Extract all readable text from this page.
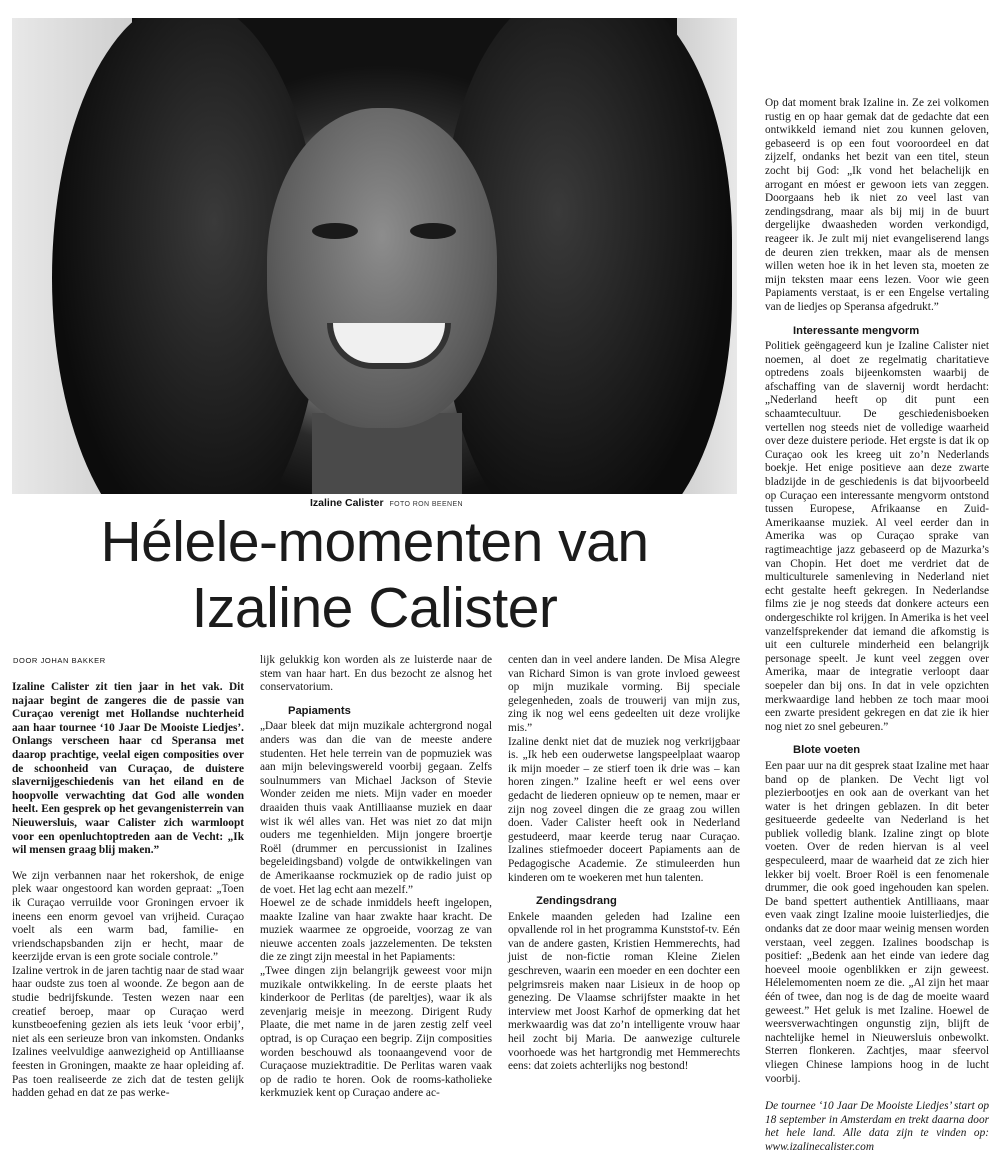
Izaline Calister FOTO RON BEENEN
Hélele-momenten van
Izaline Calister
DOOR JOHAN BAKKER

Izaline Calister zit tien jaar in het vak. Dit najaar begint de zangeres die de passie van Curaçao verenigt met Hollandse nuchterheid aan haar tournee ‘10 Jaar De Mooiste Liedjes’. Onlangs verscheen haar cd Speransa met daarop prachtige, veelal eigen composities over de schoonheid van Curaçao, de duistere slavernijgeschiedenis van het eiland en de hoopvolle verwachting dat God alle wonden heelt. Een gesprek op het gevangenisterrein van Nieuwersluis, waar Calister zich warmloopt voor een openluchtoptreden aan de Vecht: „Ik wil mensen graag blij maken.”

We zijn verbannen naar het rokershok, de enige plek waar ongestoord kan worden gepraat: „Toen ik Curaçao verruilde voor Groningen ervoer ik ineens een enorm gevoel van vrijheid. Curaçao voelt als een warm bad, familie- en vriendschapsbanden zijn er hecht, maar de keerzijde ervan is een grote sociale controle.”

Izaline vertrok in de jaren tachtig naar de stad waar haar oudste zus toen al woonde. Ze begon aan de studie bedrijfskunde. Testen wezen naar een creatief beroep, maar op Curaçao werd kunstbeoefening gezien als iets leuk ‘voor erbij’, niet als een serieuze bron van inkomsten. Ondanks Izalines veelvuldige aanwezigheid op Antilliaanse feesten in Groningen, maakte ze haar opleiding af. Pas toen realiseerde ze zich dat de testen gelijk hadden gehad en dat ze pas werke-

lijk gelukkig kon worden als ze luisterde naar de stem van haar hart. En dus bezocht ze alsnog het conservatorium.

Papiaments

„Daar bleek dat mijn muzikale achtergrond nogal anders was dan die van de meeste andere studenten. Het hele terrein van de popmuziek was aan mijn belevingswereld voorbij gegaan. Zelfs soulnummers van Michael Jackson of Stevie Wonder zeiden me niets. Mijn vader en moeder draaiden thuis vaak Antilliaanse muziek en daar wist ik wél alles van. Het was niet zo dat mijn ouders me tegenhielden. Mijn jongere broertje Roël (drummer en percussionist in Izalines begeleidingsband) volgde de ontwikkelingen van de Amerikaanse rockmuziek op de radio juist op de voet. Het lag echt aan mezelf.”

Hoewel ze de schade inmiddels heeft ingelopen, maakte Izaline van haar zwakte haar kracht. De muziek waarmee ze opgroeide, voorzag ze van nieuwe accenten zoals jazzelementen. De teksten die ze zingt zijn meestal in het Papiaments:

„Twee dingen zijn belangrijk geweest voor mijn muzikale ontwikkeling. In de eerste plaats het kinderkoor de Perlitas (de pareltjes), waar ik als zevenjarig meisje in meezong. Dirigent Rudy Plaate, die met name in de jaren zestig zelf veel optrad, is op Curaçao een begrip. Zijn composities worden beschouwd als toonaangevend voor de Curaçaose muziektraditie. De Perlitas waren vaak op de radio te horen. Ook de rooms-katholieke kerkmuziek kent op Curaçao andere ac-

centen dan in veel andere landen. De Misa Alegre van Richard Simon is van grote invloed geweest op mijn muzikale vorming. Bij speciale gelegenheden, zoals de trouwerij van mijn zus, zing ik nog wel eens gedeelten uit deze vrolijke mis.”

Izaline denkt niet dat de muziek nog verkrijgbaar is. „Ik heb een ouderwetse langspeelplaat waarop ik mijn moeder – ze stierf toen ik drie was – kan horen zingen.” Izaline heeft er wel eens over gedacht de liederen opnieuw op te nemen, maar er zijn nog zoveel dingen die ze graag zou willen doen. Vader Calister heeft ook in Nederland gestudeerd, maar keerde terug naar Curaçao. Izalines stiefmoeder doceert Papiaments aan de Pedagogische Academie. Ze stimuleerden hun kinderen om te woekeren met hun talenten.

Zendingsdrang

Enkele maanden geleden had Izaline een opvallende rol in het programma Kunststof-tv. Eén van de andere gasten, Kristien Hemmerechts, had juist de non-fictie roman Kleine Zielen geschreven, waarin een moeder en een dochter een pelgrimsreis maken naar Lisieux in de hoop op genezing. De Vlaamse schrijfster maakte in het interview met Joost Karhof de opmerking dat het merkwaardig was dat zo’n intelligente vrouw haar heil zocht bij Maria. De aanwezige culturele voorhoede was het hartgrondig met Hemmerechts eens: dat zoiets achterlijks nog bestond!

Op dat moment brak Izaline in. Ze zei volkomen rustig en op haar gemak dat de gedachte dat een ontwikkeld iemand niet zou kunnen geloven, gebaseerd is op een fout vooroordeel en dat zijzelf, ondanks het bezit van een titel, steun zocht bij God: „Ik vond het belachelijk en arrogant en móest er gewoon iets van zeggen. Doorgaans heb ik niet zo veel last van zendingsdrang, maar als bij mij in de buurt dergelijke dwaasheden worden verkondigd, reageer ik. Je zult mij niet evangeliserend langs de deuren zien trekken, maar als de mensen willen weten hoe ik in het leven sta, moeten ze mijn teksten maar eens lezen. Voor wie geen Papiaments verstaat, is er een Engelse vertaling van de liedjes op Speransa afgedrukt.”

Interessante mengvorm

Politiek geëngageerd kun je Izaline Calister niet noemen, al doet ze regelmatig charitatieve optredens zoals bijeenkomsten waarbij de afschaffing van de slavernij wordt herdacht: „Nederland heeft op dit punt een schaamtecultuur. De geschiedenisboeken vertellen nog steeds niet de volledige waarheid over deze duistere periode. Het ergste is dat ik op Curaçao ook les kreeg uit zo’n Nederlands boekje. Het enige positieve aan deze zwarte bladzijde in de geschiedenis is dat bijvoorbeeld op Curaçao een interessante mengvorm ontstond tussen Europese, Afrikaanse en Zuid-Amerikaanse muziek. Al veel eerder dan in Amerika was op Curaçao sprake van ragtimeachtige jazz gebaseerd op de Mazurka’s van Chopin. Het doet me verdriet dat de multiculturele samenleving in Nederland niet echt gestalte heeft gekregen. In Nederlandse films zie je nog steeds dat donkere acteurs een ondergeschikte rol krijgen. In Amerika is het veel vanzelfsprekender dat iemand die afkomstig is uit een culturele minderheid een belangrijk personage speelt. Je kunt veel zeggen over Amerika, maar de integratie verloopt daar soepeler dan bij ons. In dat in vele opzichten merkwaardige land hebben ze toch maar mooi een zwarte president gekregen en dat zie ik hier nog niet zo snel gebeuren.”

Blote voeten

Een paar uur na dit gesprek staat Izaline met haar band op de planken. De Vecht ligt vol plezierbootjes en ook aan de overkant van het water is het dringen geblazen. In dit beter gesitueerde gedeelte van Nederland is het publiek volledig blank. Izaline zingt op blote voeten. Over de reden hiervan is al veel gespeculeerd, maar de waarheid dat ze zich hier lekker bij voelt. Broer Roël is een fenomenale drummer, die ook goed ingehouden kan spelen. De band spettert authentiek Antilliaans, maar even vaak zingt Izaline mooie luisterliedjes, die ondanks dat ze door maar weinig mensen worden verstaan, veel zeggen. Izalines boodschap is positief: „Bedenk aan het einde van iedere dag hoeveel mooie ogenblikken er zijn geweest. Hélelemomenten noem ze die. „Al zijn het maar één of twee, dan nog is de dag de moeite waard geweest.” Het geluk is met Izaline. Hoewel de weersverwachtingen ongunstig zijn, blijft de nachtelijke hemel in Nieuwersluis onbewolkt. Sterren flonkeren. Zachtjes, maar sfeervol vliegen Chinese lampions hoog in de lucht voorbij.

De tournee ‘10 Jaar De Mooiste Liedjes’ start op 18 september in Amsterdam en trekt daarna door het hele land. Alle data zijn te vinden op: www.izalinecalister.com
